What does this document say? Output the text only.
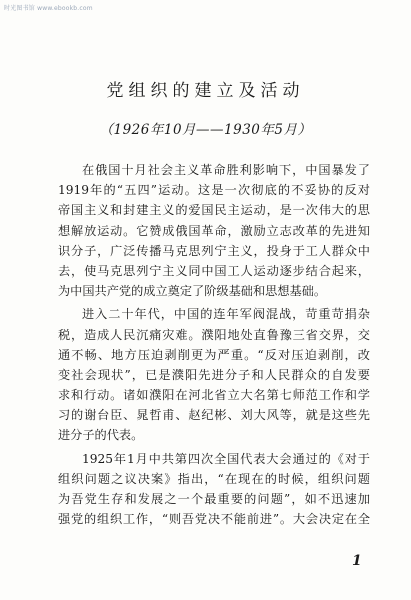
时光图书馆 www.ebookb.com
党组织的建立及活动
（1926年10月——1930年5月）
在俄国十月社会主义革命胜利影响下，中国暴发了
1919年的“五四”运动。这是一次彻底的不妥协的反对
帝国主义和封建主义的爱国民主运动，是一次伟大的思
想解放运动。它赞成俄国革命，激励立志改革的先进知
识分子，广泛传播马克思列宁主义，投身于工人群众中
去，使马克思列宁主义同中国工人运动逐步结合起来，
为中国共产党的成立奠定了阶级基础和思想基础。
进入二十年代，中国的连年军阀混战，苛重苛捐杂
税，造成人民沉痛灾难。濮阳地处直鲁豫三省交界，交
通不畅、地方压迫剥削更为严重。“反对压迫剥削，改
变社会现状”，已是濮阳先进分子和人民群众的自发要
求和行动。诸如濮阳在河北省立大名第七师范工作和学
习的谢台臣、晁哲甫、赵纪彬、刘大风等，就是这些先
进分子的代表。
1925年1月中共第四次全国代表大会通过的《对于
组织问题之议决案》指出，“在现在的时候，组织问题
为吾党生存和发展之一个最重要的问题”，如不迅速加
强党的组织工作，“则吾党决不能前进”。大会决定在全
1
